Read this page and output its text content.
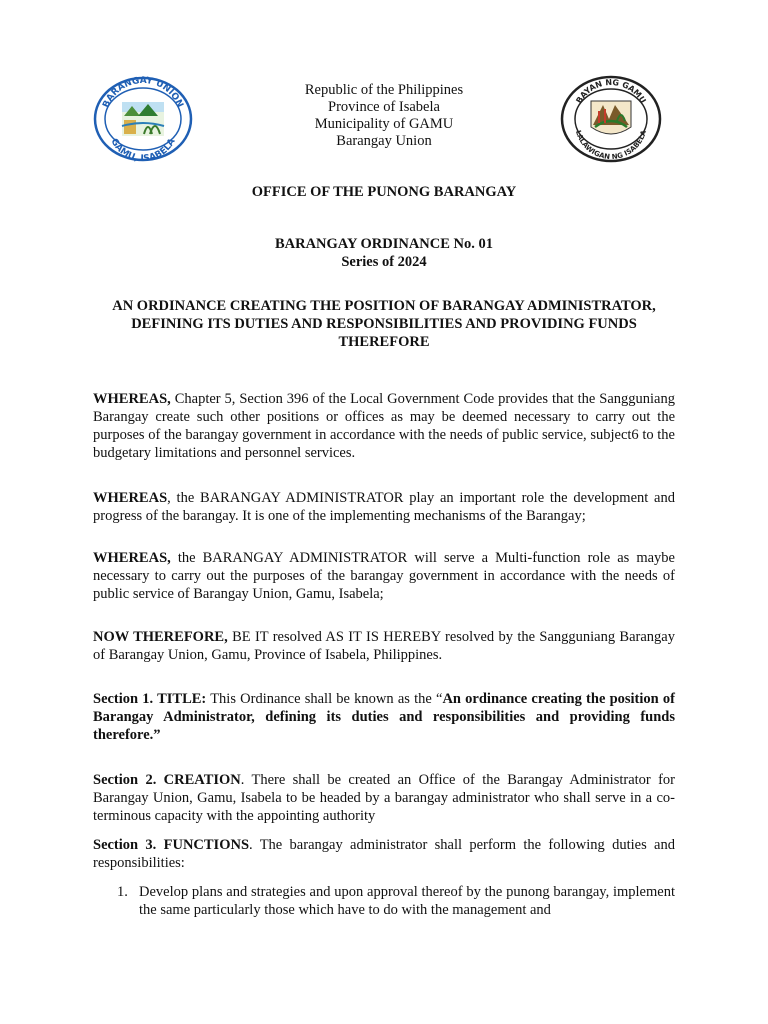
BARANGAY UNION
GAMU, ISABELA
Republic of the Philippines
Province of Isabela
Municipality of GAMU
Barangay Union
BAYAN NG GAMU
LALAWIGAN NG ISABELA
OFFICE OF THE PUNONG BARANGAY
BARANGAY ORDINANCE No. 01
Series of 2024
AN ORDINANCE CREATING THE POSITION OF BARANGAY ADMINISTRATOR, DEFINING ITS DUTIES AND RESPONSIBILITIES AND PROVIDING FUNDS THEREFORE
WHEREAS, Chapter 5, Section 396 of the Local Government Code provides that the Sangguniang Barangay create such other positions or offices as may be deemed necessary to carry out the purposes of the barangay government in accordance with the needs of public service, subject6 to the budgetary limitations and personnel services.
WHEREAS, the BARANGAY ADMINISTRATOR play an important role the development and progress of the barangay. It is one of the implementing mechanisms of the Barangay;
WHEREAS, the BARANGAY ADMINISTRATOR will serve a Multi-function role as maybe necessary to carry out the purposes of the barangay government in accordance with the needs of public service of Barangay Union, Gamu, Isabela;
NOW THEREFORE, BE IT resolved AS IT IS HEREBY resolved by the Sangguniang Barangay of Barangay Union, Gamu, Province of Isabela, Philippines.
Section 1. TITLE: This Ordinance shall be known as the “An ordinance creating the position of Barangay Administrator, defining its duties and responsibilities and providing funds therefore.”
Section 2. CREATION. There shall be created an Office of the Barangay Administrator for Barangay Union, Gamu, Isabela to be headed by a barangay administrator who shall serve in a co-terminous capacity with the appointing authority
Section 3. FUNCTIONS. The barangay administrator shall perform the following duties and responsibilities:
1. Develop plans and strategies and upon approval thereof by the punong barangay, implement the same particularly those which have to do with the management and
